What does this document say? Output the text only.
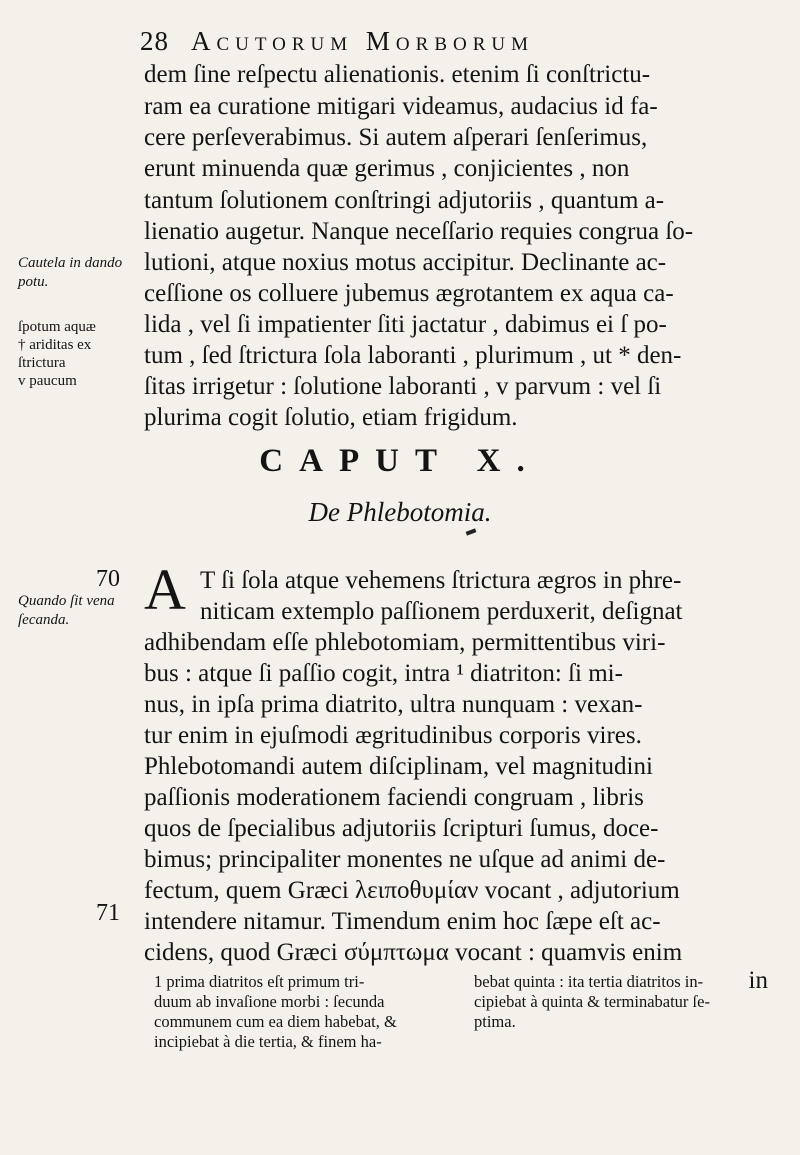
28 Acutorum Morborum
dem ſine reſpectu alienationis. etenim ſi conſtrictu-
ram ea curatione mitigari videamus, audacius id fa-
cere perſeverabimus. Si autem aſperari ſenſerimus,
erunt minuenda quæ gerimus , conjicientes , non
tantum ſolutionem conſtringi adjutoriis , quantum a-
lienatio augetur. Nanque neceſſario requies congrua ſo-
lutioni, atque noxius motus accipitur. Declinante ac-
ceſſione os colluere jubemus ægrotantem ex aqua ca-
lida , vel ſi impatienter ſiti jactatur , dabimus ei ſ po-
tum , ſed ſtrictura ſola laboranti , plurimum , ut * den-
ſitas irrigetur : ſolutione laboranti , v parvum : vel ſi
plurima cogit ſolutio, etiam frigidum.
Cautela in dando potu.
ſpotum aquæ
† ariditas ex
ſtrictura
v paucum
CAPUT X.
De Phlebotomia.
70
Quando ſit vena ſecanda.	A T ſi ſola atque vehemens ſtrictura ægros in phre-
niticam extemplo paſſionem perduxerit, deſignat
adhibendam eſſe phlebotomiam, permittentibus viri-
bus : atque ſi paſſio cogit, intra ¹ diatriton: ſi mi-
nus, in ipſa prima diatrito, ultra nunquam : vexan-
tur enim in ejuſmodi ægritudinibus corporis vires.
Phlebotomandi autem diſciplinam, vel magnitudini
paſſionis moderationem faciendi congruam , libris
quos de ſpecialibus adjutoriis ſcripturi ſumus, doce-
bimus; principaliter monentes ne uſque ad animi de-
fectum, quem Græci λειποθυμίαν vocant , adjutorium
intendere nitamur. Timendum enim hoc ſæpe eſt ac-
71
cidens, quod Græci σύμπτωμα vocant : quamvis enim
in
1 prima diatritos eſt primum tri-
duum ab invaſione morbi : ſecunda
communem cum ea diem habebat, &
incipiebat à die tertia, & finem ha-
bebat quinta : ita tertia diatritos in-
cipiebat à quinta & terminabatur ſe-
ptima.
